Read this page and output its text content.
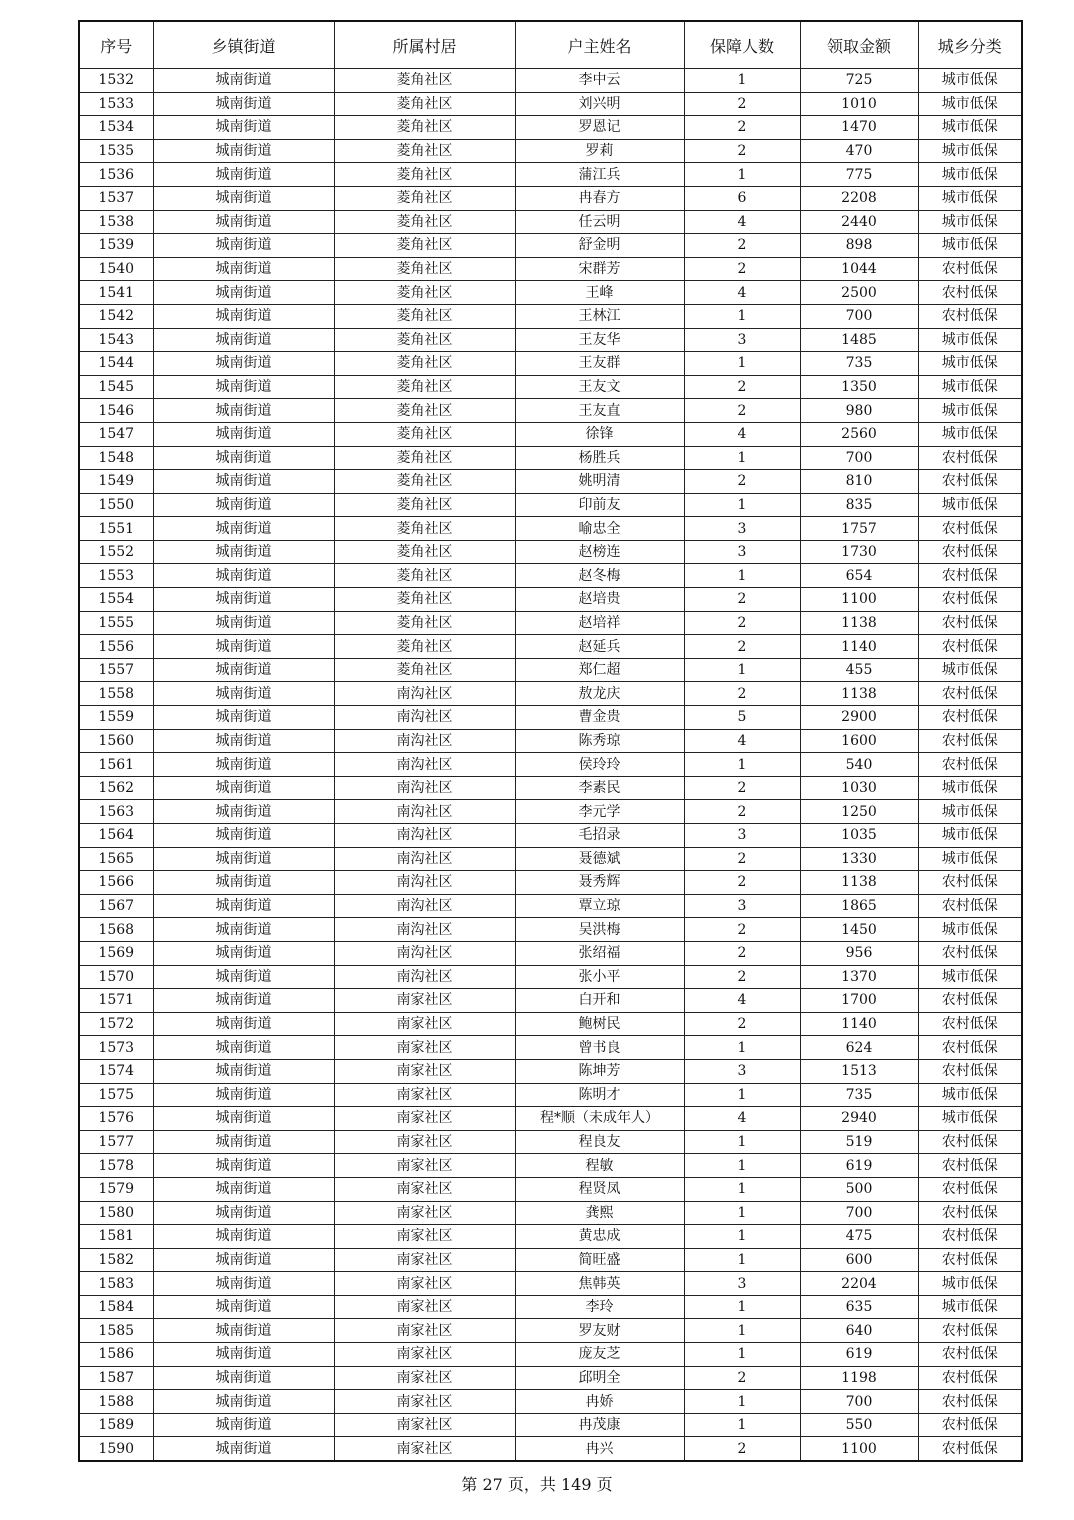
序号	乡镇街道	所属村居	户主姓名	保障人数	领取金额	城乡分类
1532	城南街道	菱角社区	李中云	1	725	城市低保
1533	城南街道	菱角社区	刘兴明	2	1010	城市低保
1534	城南街道	菱角社区	罗恩记	2	1470	城市低保
1535	城南街道	菱角社区	罗莉	2	470	城市低保
1536	城南街道	菱角社区	蒲江兵	1	775	城市低保
1537	城南街道	菱角社区	冉春方	6	2208	城市低保
1538	城南街道	菱角社区	任云明	4	2440	城市低保
1539	城南街道	菱角社区	舒金明	2	898	城市低保
1540	城南街道	菱角社区	宋群芳	2	1044	农村低保
1541	城南街道	菱角社区	王峰	4	2500	农村低保
1542	城南街道	菱角社区	王林江	1	700	农村低保
1543	城南街道	菱角社区	王友华	3	1485	城市低保
1544	城南街道	菱角社区	王友群	1	735	城市低保
1545	城南街道	菱角社区	王友文	2	1350	城市低保
1546	城南街道	菱角社区	王友直	2	980	城市低保
1547	城南街道	菱角社区	徐锋	4	2560	城市低保
1548	城南街道	菱角社区	杨胜兵	1	700	农村低保
1549	城南街道	菱角社区	姚明清	2	810	农村低保
1550	城南街道	菱角社区	印前友	1	835	城市低保
1551	城南街道	菱角社区	喻忠全	3	1757	农村低保
1552	城南街道	菱角社区	赵榜连	3	1730	农村低保
1553	城南街道	菱角社区	赵冬梅	1	654	农村低保
1554	城南街道	菱角社区	赵培贵	2	1100	农村低保
1555	城南街道	菱角社区	赵培祥	2	1138	农村低保
1556	城南街道	菱角社区	赵延兵	2	1140	农村低保
1557	城南街道	菱角社区	郑仁超	1	455	城市低保
1558	城南街道	南沟社区	敖龙庆	2	1138	农村低保
1559	城南街道	南沟社区	曹金贵	5	2900	农村低保
1560	城南街道	南沟社区	陈秀琼	4	1600	农村低保
1561	城南街道	南沟社区	侯玲玲	1	540	农村低保
1562	城南街道	南沟社区	李素民	2	1030	城市低保
1563	城南街道	南沟社区	李元学	2	1250	城市低保
1564	城南街道	南沟社区	毛招录	3	1035	城市低保
1565	城南街道	南沟社区	聂德斌	2	1330	城市低保
1566	城南街道	南沟社区	聂秀辉	2	1138	农村低保
1567	城南街道	南沟社区	覃立琼	3	1865	农村低保
1568	城南街道	南沟社区	吴洪梅	2	1450	城市低保
1569	城南街道	南沟社区	张绍福	2	956	农村低保
1570	城南街道	南沟社区	张小平	2	1370	城市低保
1571	城南街道	南家社区	白开和	4	1700	农村低保
1572	城南街道	南家社区	鲍树民	2	1140	农村低保
1573	城南街道	南家社区	曾书良	1	624	农村低保
1574	城南街道	南家社区	陈坤芳	3	1513	农村低保
1575	城南街道	南家社区	陈明才	1	735	城市低保
1576	城南街道	南家社区	程*顺（未成年人）	4	2940	城市低保
1577	城南街道	南家社区	程良友	1	519	农村低保
1578	城南街道	南家社区	程敏	1	619	农村低保
1579	城南街道	南家社区	程贤凤	1	500	农村低保
1580	城南街道	南家社区	龚熙	1	700	农村低保
1581	城南街道	南家社区	黄忠成	1	475	农村低保
1582	城南街道	南家社区	简旺盛	1	600	农村低保
1583	城南街道	南家社区	焦韩英	3	2204	城市低保
1584	城南街道	南家社区	李玲	1	635	城市低保
1585	城南街道	南家社区	罗友财	1	640	农村低保
1586	城南街道	南家社区	庞友芝	1	619	农村低保
1587	城南街道	南家社区	邱明全	2	1198	农村低保
1588	城南街道	南家社区	冉娇	1	700	农村低保
1589	城南街道	南家社区	冉茂康	1	550	农村低保
1590	城南街道	南家社区	冉兴	2	1100	农村低保
第 27 页，共 149 页
